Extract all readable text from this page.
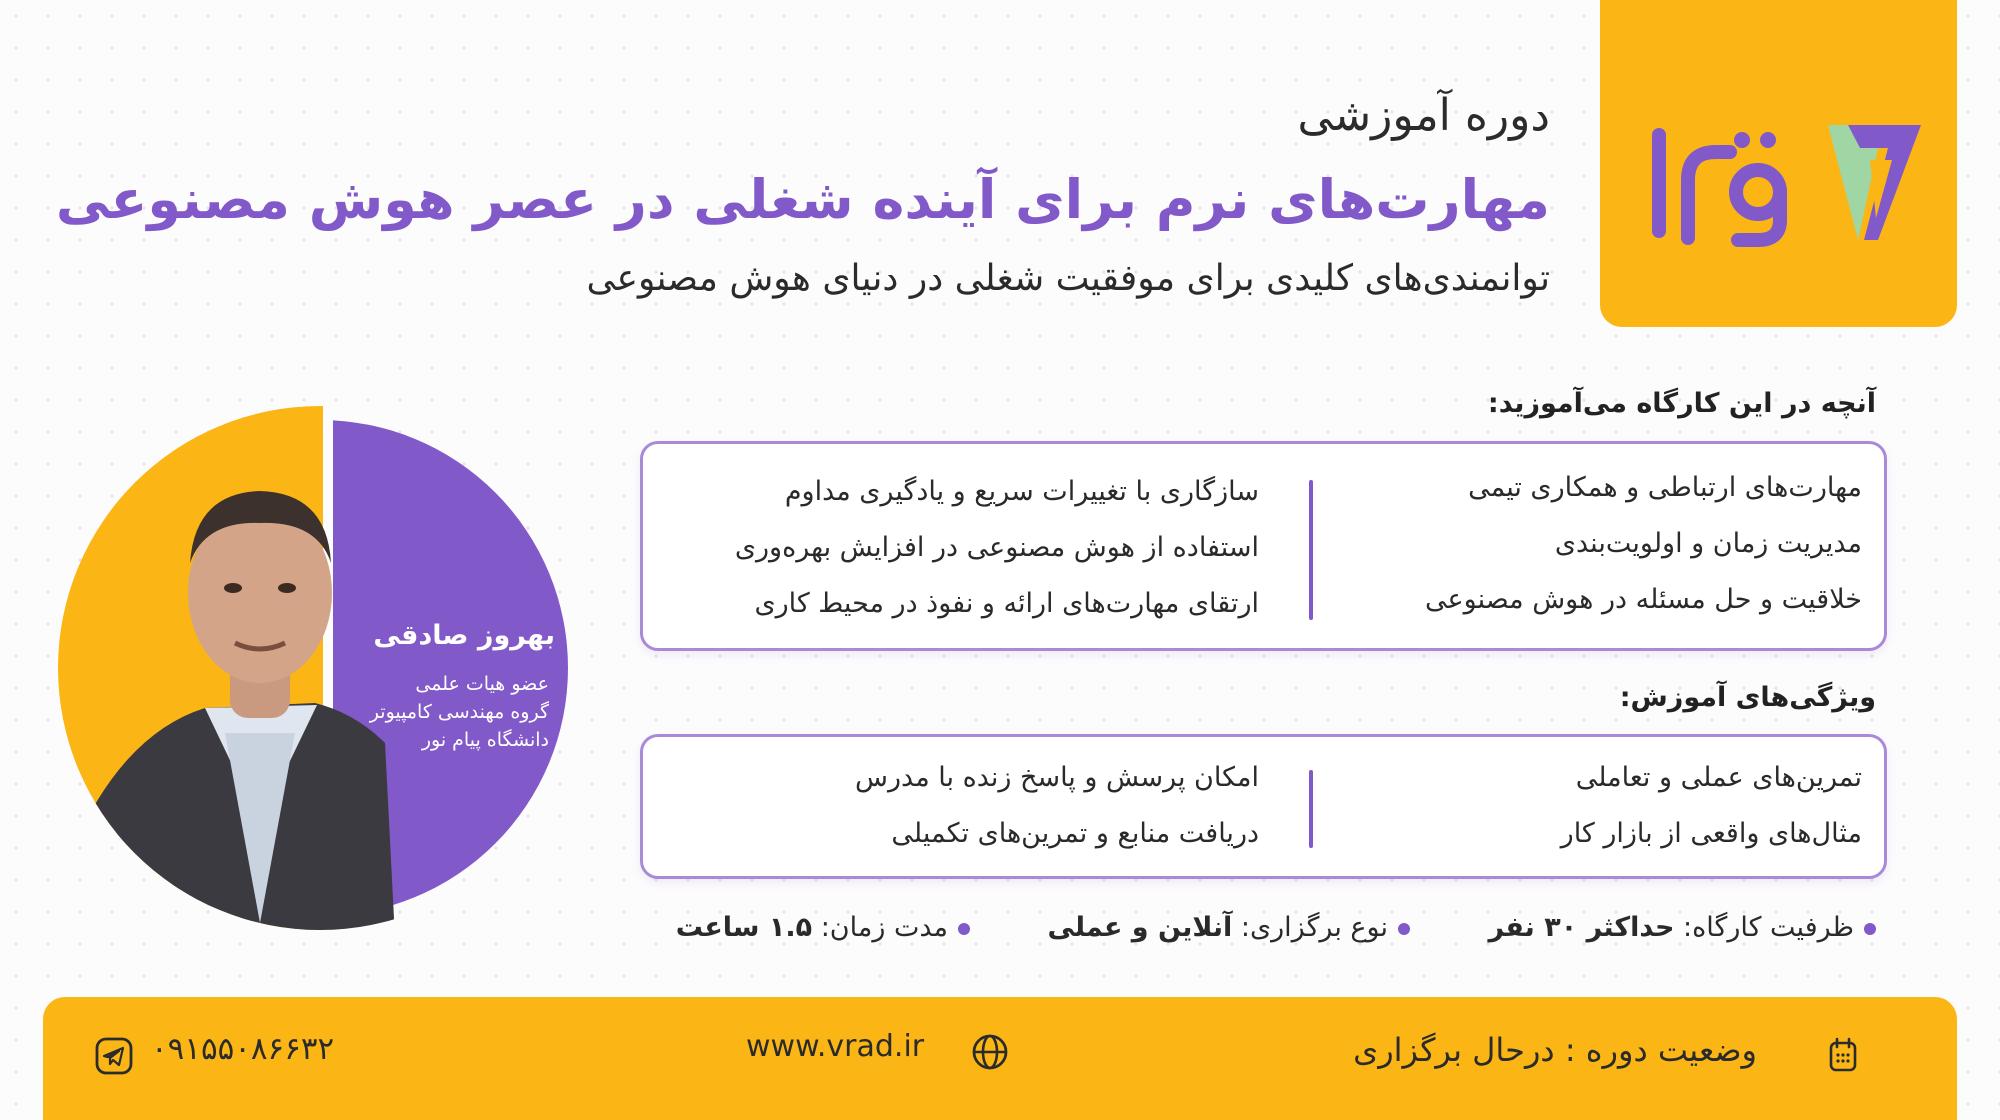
دوره آموزشی
مهارت‌های نرم برای آینده شغلی در عصر هوش مصنوعی
توانمندی‌های کلیدی برای موفقیت شغلی در دنیای هوش مصنوعی
آنچه در این کارگاه می‌آموزید:
مهارت‌های ارتباطی و همکاری تیمی
مدیریت زمان و اولویت‌بندی
خلاقیت و حل مسئله در هوش مصنوعی
سازگاری با تغییرات سریع و یادگیری مداوم
استفاده از هوش مصنوعی در افزایش بهره‌وری
ارتقای مهارت‌های ارائه و نفوذ در محیط کاری
ویژگی‌های آموزش:
تمرین‌های عملی و تعاملی
مثال‌های واقعی از بازار کار
امکان پرسش و پاسخ زنده با مدرس
دریافت منابع و تمرین‌های تکمیلی
ظرفیت کارگاه: حداکثر ۳۰ نفر
نوع برگزاری: آنلاین و عملی
مدت زمان: ۱.۵ ساعت
بهروز صادقی
عضو هیات علمی
گروه مهندسی کامپیوتر
دانشگاه پیام نور
وضعیت دوره : درحال برگزاری
www.vrad.ir
۰۹۱۵۵۰۸۶۶۳۲
